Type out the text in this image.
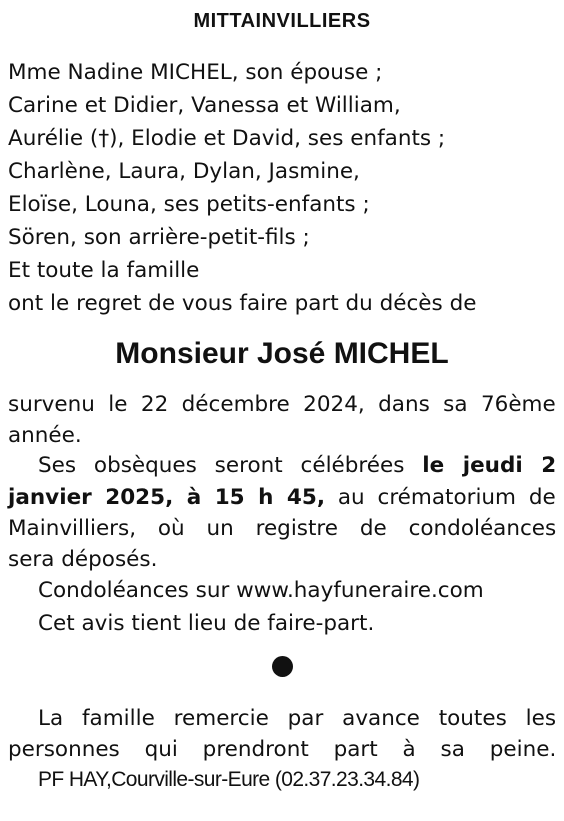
MITTAINVILLIERS
Mme Nadine MICHEL, son épouse ;
Carine et Didier, Vanessa et William,
Aurélie (†), Elodie et David, ses enfants ;
Charlène, Laura, Dylan, Jasmine,
Eloïse, Louna, ses petits-enfants ;
Sören, son arrière-petit-fils ;
Et toute la famille
ont le regret de vous faire part du décès de
Monsieur José MICHEL
survenu le 22 décembre 2024, dans sa 76ème
année.
Ses obsèques seront célébrées le jeudi 2
janvier 2025, à 15 h 45, au crématorium de
Mainvilliers, où un registre de condoléances
sera déposés.
Condoléances sur www.hayfuneraire.com
Cet avis tient lieu de faire-part.
La famille remercie par avance toutes les
personnes qui prendront part à sa peine.
PF HAY,Courville-sur-Eure (02.37.23.34.84)
